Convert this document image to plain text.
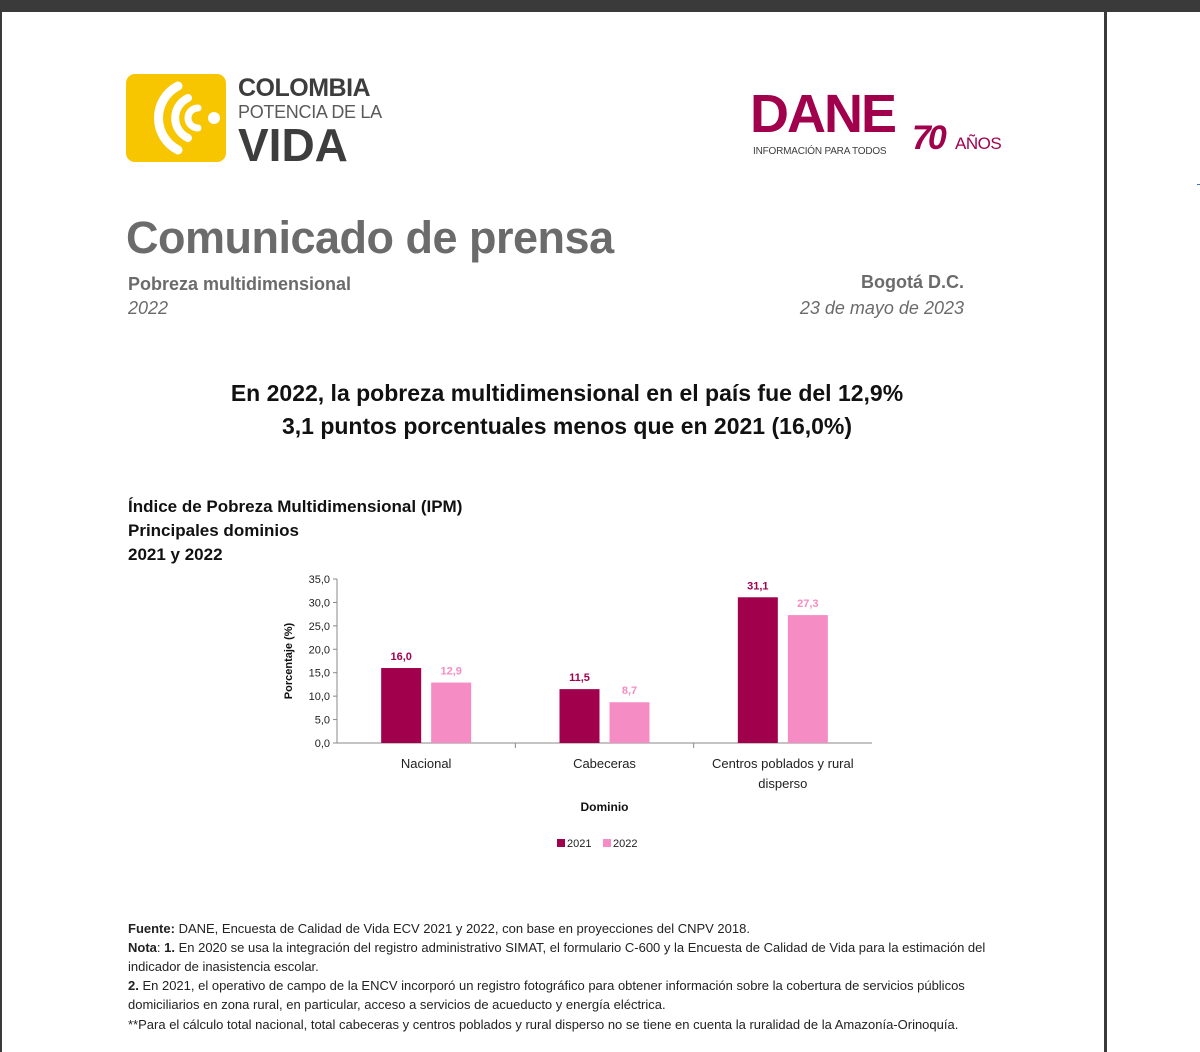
COLOMBIA
POTENCIA DE LA
VIDA
DANE
INFORMACIÓN PARA TODOS 70 AÑOS
Comunicado de prensa
Pobreza multidimensional
2022
Bogotá D.C.
23 de mayo de 2023
En 2022, la pobreza multidimensional en el país fue del 12,9%
3,1 puntos porcentuales menos que en 2021 (16,0%)
Índice de Pobreza Multidimensional (IPM)
Principales dominios
2021 y 2022
0,0
5,0
10,0
15,0
20,0
25,0
30,0
35,0
16,0
12,9
Nacional
11,5
8,7
Cabeceras
31,1
27,3
Centros poblados y rural
disperso
Porcentaje (%)
Dominio
2021 2022
Fuente: DANE, Encuesta de Calidad de Vida ECV 2021 y 2022, con base en proyecciones del CNPV 2018.
Nota: 1. En 2020 se usa la integración del registro administrativo SIMAT, el formulario C-600 y la Encuesta de Calidad de Vida para la estimación del indicador de inasistencia escolar.
2. En 2021, el operativo de campo de la ENCV incorporó un registro fotográfico para obtener información sobre la cobertura de servicios públicos domiciliarios en zona rural, en particular, acceso a servicios de acueducto y energía eléctrica.
**Para el cálculo total nacional, total cabeceras y centros poblados y rural disperso no se tiene en cuenta la ruralidad de la Amazonía-Orinoquía.
